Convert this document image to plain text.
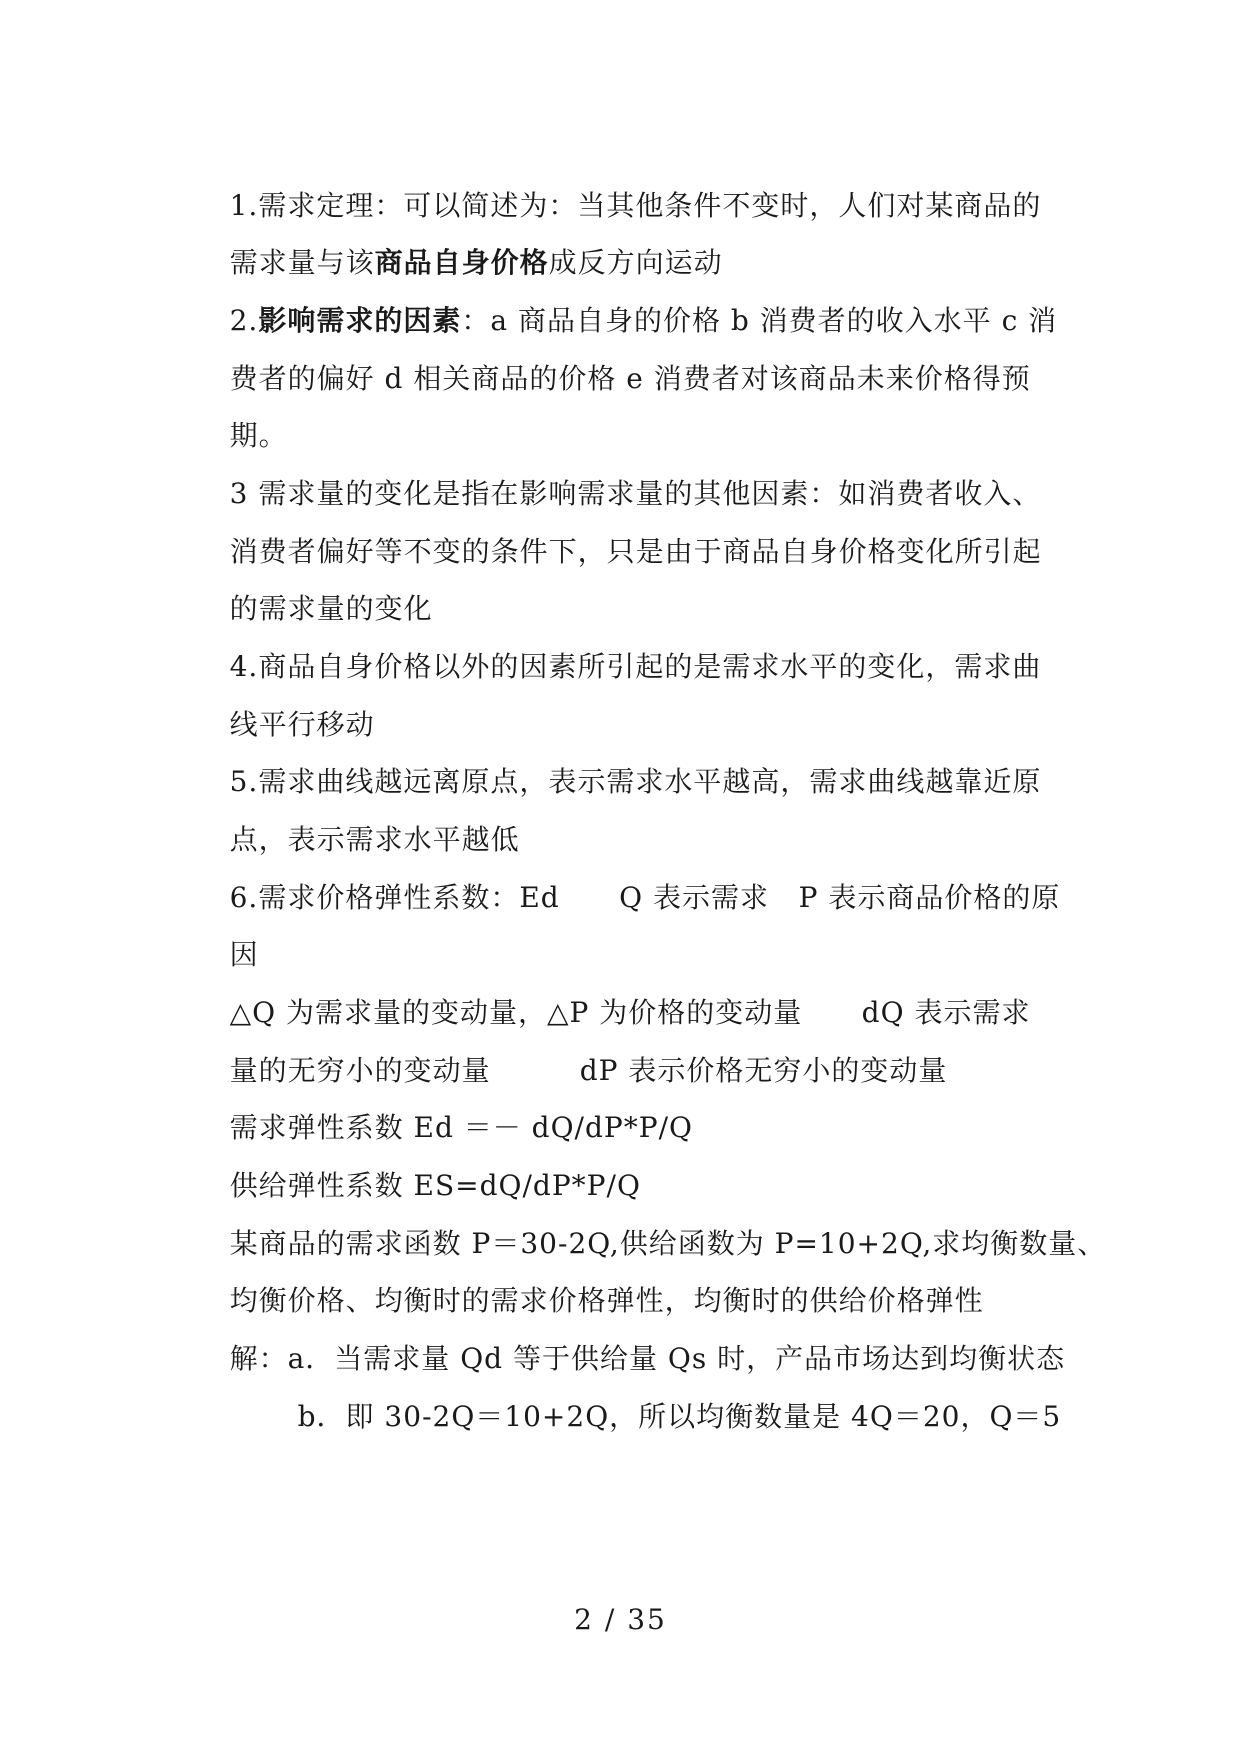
1.需求定理：可以简述为：当其他条件不变时，人们对某商品的

需求量与该商品自身价格成反方向运动

2.影响需求的因素：a 商品自身的价格 b 消费者的收入水平 c 消

费者的偏好 d 相关商品的价格 e 消费者对该商品未来价格得预

期。

3 需求量的变化是指在影响需求量的其他因素：如消费者收入、

消费者偏好等不变的条件下，只是由于商品自身价格变化所引起

的需求量的变化

4.商品自身价格以外的因素所引起的是需求水平的变化，需求曲

线平行移动

5.需求曲线越远离原点，表示需求水平越高，需求曲线越靠近原

点，表示需求水平越低

6.需求价格弹性系数：Ed      Q 表示需求   P 表示商品价格的原

因

△Q 为需求量的变动量，△P 为价格的变动量      dQ 表示需求

量的无穷小的变动量         dP 表示价格无穷小的变动量

需求弹性系数 Ed ＝－ dQ/dP*P/Q

供给弹性系数 ES=dQ/dP*P/Q

某商品的需求函数 P＝30-2Q,供给函数为 P=10+2Q,求均衡数量、

均衡价格、均衡时的需求价格弹性，均衡时的供给价格弹性

解：a．当需求量 Qd 等于供给量 Qs 时，产品市场达到均衡状态

b．即 30-2Q＝10+2Q，所以均衡数量是 4Q＝20，Q＝5

2 / 35
